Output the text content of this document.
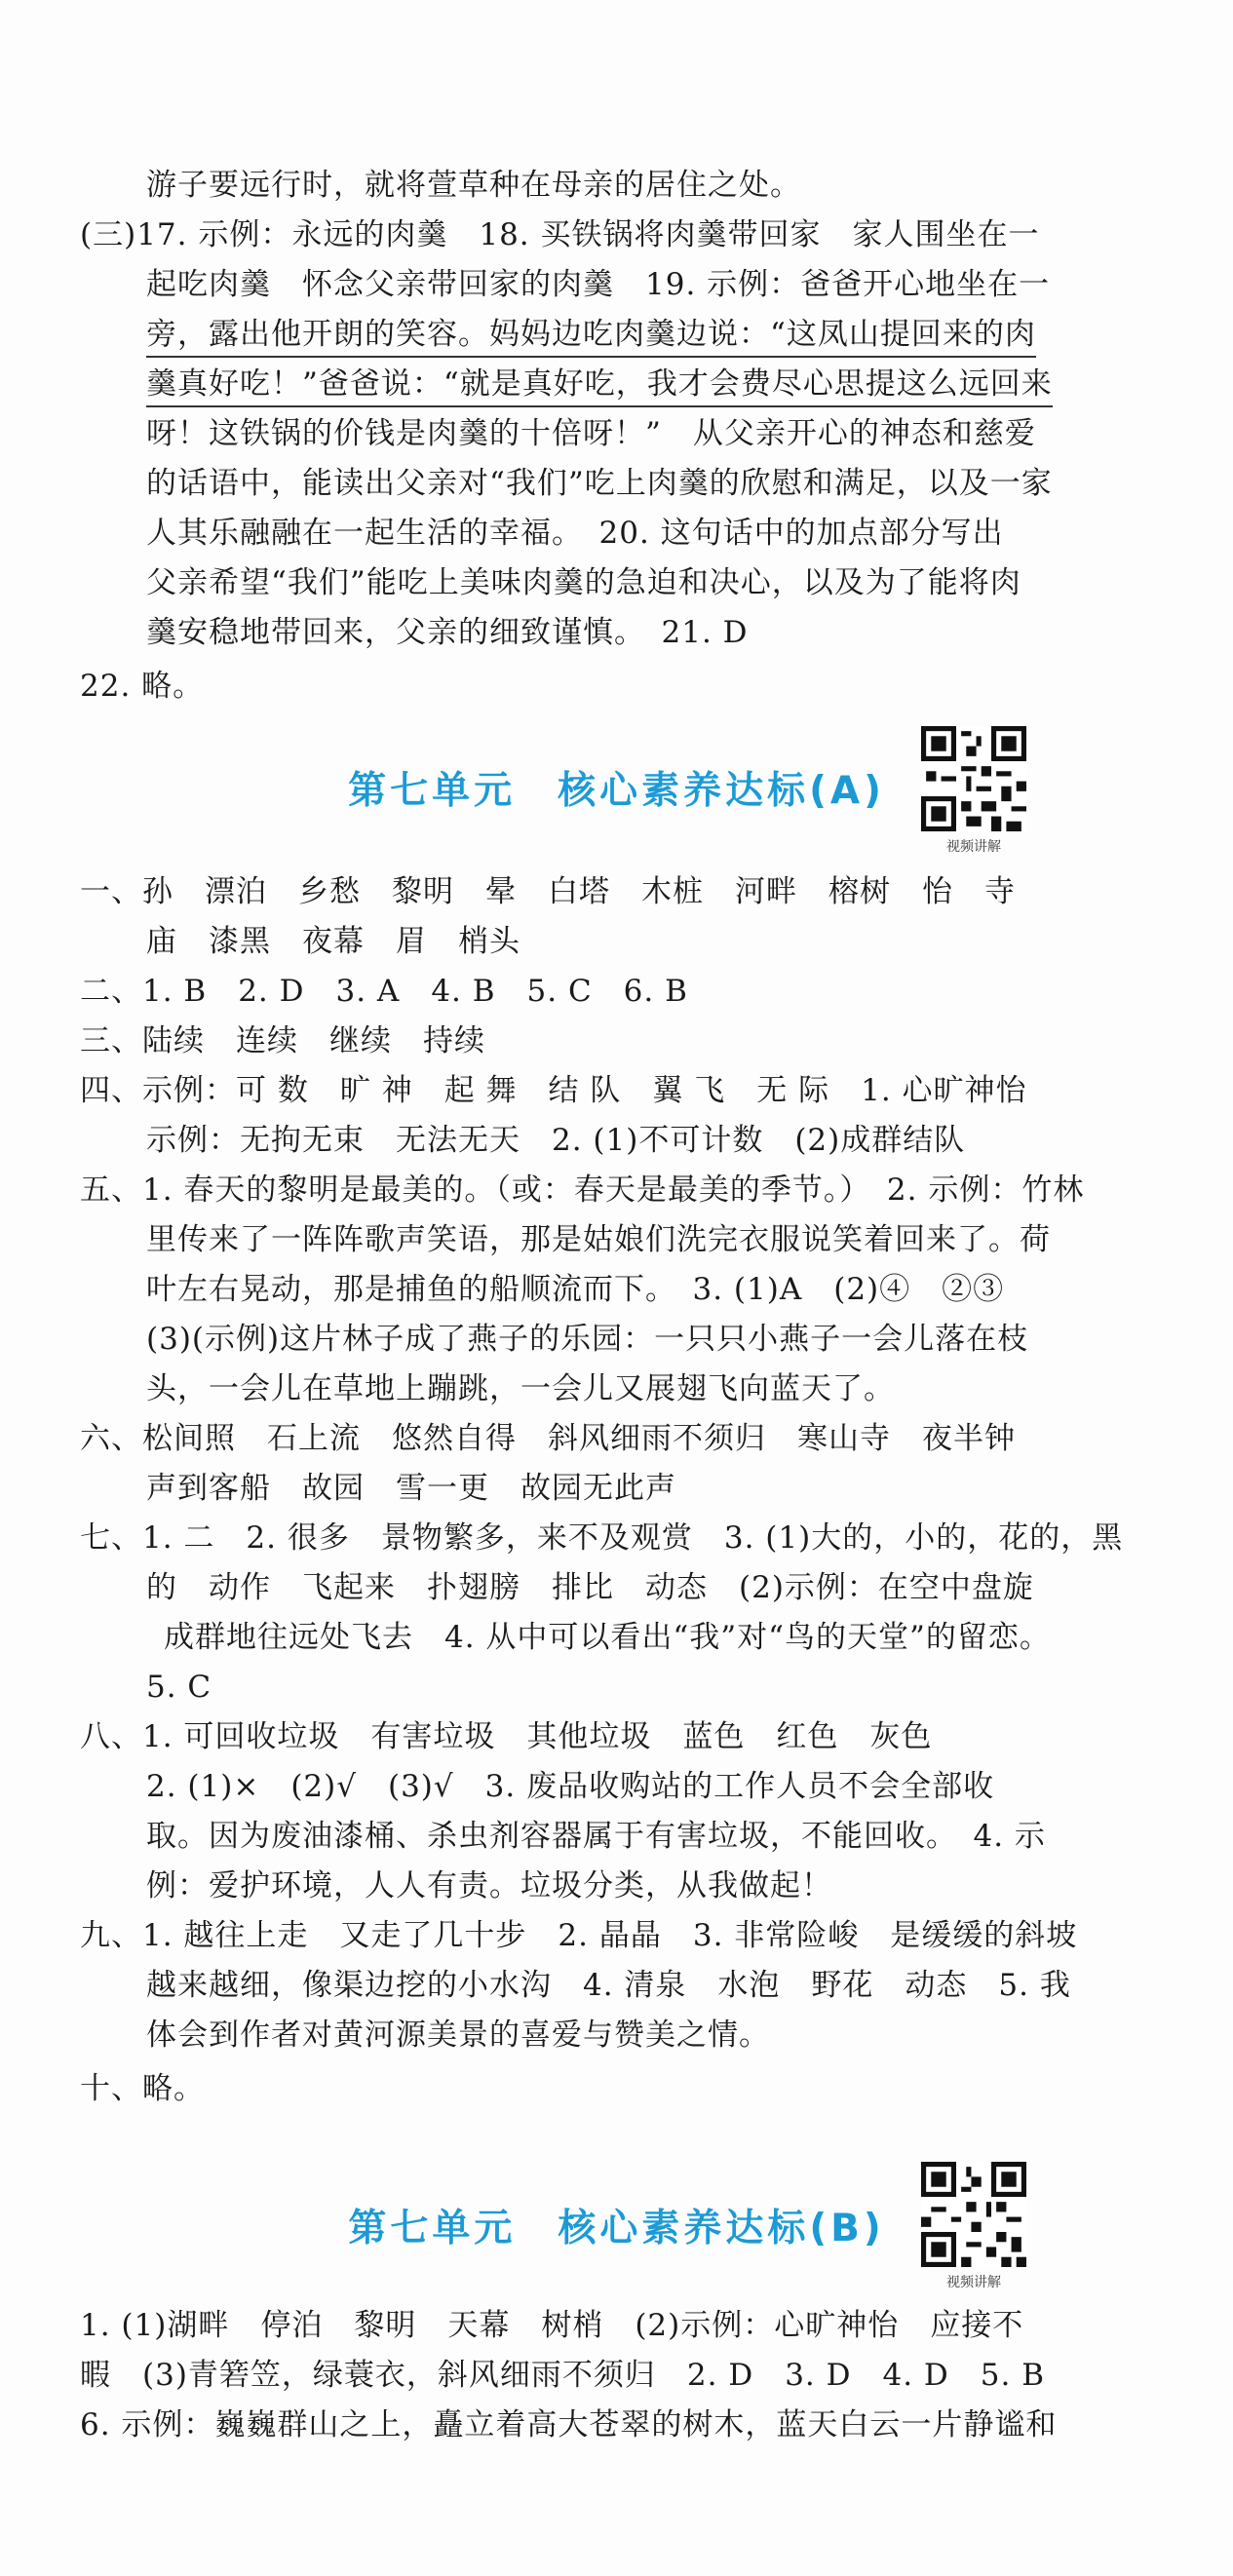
游子要远行时，就将萱草种在母亲的居住之处。
(三)17. 示例：永远的肉羹　18. 买铁锅将肉羹带回家　家人围坐在一
起吃肉羹　怀念父亲带回家的肉羹　19. 示例：爸爸开心地坐在一
旁，露出他开朗的笑容。妈妈边吃肉羹边说：“这凤山提回来的肉
羹真好吃！”爸爸说：“就是真好吃，我才会费尽心思提这么远回来
呀！这铁锅的价钱是肉羹的十倍呀！”　从父亲开心的神态和慈爱
的话语中，能读出父亲对“我们”吃上肉羹的欣慰和满足，以及一家
人其乐融融在一起生活的幸福。　20. 这句话中的加点部分写出
父亲希望“我们”能吃上美味肉羹的急迫和决心，以及为了能将肉
羹安稳地带回来，父亲的细致谨慎。　21. D
22. 略。
一、孙　漂泊　乡愁　黎明　晕　白塔　木桩　河畔　榕树　怡　寺
庙　漆黑　夜幕　眉　梢头
二、1. B　2. D　3. A　4. B　5. C　6. B
三、陆续　连续　继续　持续
四、示例：可 数　旷 神　起 舞　结 队　翼 飞　无 际　1. 心旷神怡
示例：无拘无束　无法无天　2. (1)不可计数　(2)成群结队
五、1. 春天的黎明是最美的。（或：春天是最美的季节。）　2. 示例：竹林
里传来了一阵阵歌声笑语，那是姑娘们洗完衣服说笑着回来了。荷
叶左右晃动，那是捕鱼的船顺流而下。　3. (1)A　(2)④　②③
(3)(示例)这片林子成了燕子的乐园：一只只小燕子一会儿落在枝
头，一会儿在草地上蹦跳，一会儿又展翅飞向蓝天了。
六、松间照　石上流　悠然自得　斜风细雨不须归　寒山寺　夜半钟
声到客船　故园　雪一更　故园无此声
七、1. 二　2. 很多　景物繁多，来不及观赏　3. (1)大的，小的，花的，黑
的　动作　飞起来　扑翅膀　排比　动态　(2)示例：在空中盘旋
成群地往远处飞去　4. 从中可以看出“我”对“鸟的天堂”的留恋。
5. C
八、1. 可回收垃圾　有害垃圾　其他垃圾　蓝色　红色　灰色
2. (1)×　(2)√　(3)√　3. 废品收购站的工作人员不会全部收
取。因为废油漆桶、杀虫剂容器属于有害垃圾，不能回收。　4. 示
例：爱护环境，人人有责。垃圾分类，从我做起！
九、1. 越往上走　又走了几十步　2. 晶晶　3. 非常险峻　是缓缓的斜坡
越来越细，像渠边挖的小水沟　4. 清泉　水泡　野花　动态　5. 我
体会到作者对黄河源美景的喜爱与赞美之情。
十、略。
1. (1)湖畔　停泊　黎明　天幕　树梢　(2)示例：心旷神怡　应接不
暇　(3)青箬笠，绿蓑衣，斜风细雨不须归　2. D　3. D　4. D　5. B
6. 示例：巍巍群山之上，矗立着高大苍翠的树木，蓝天白云一片静谧和
第七单元　核心素养达标(A)
视频讲解
第七单元　核心素养达标(B)
视频讲解
